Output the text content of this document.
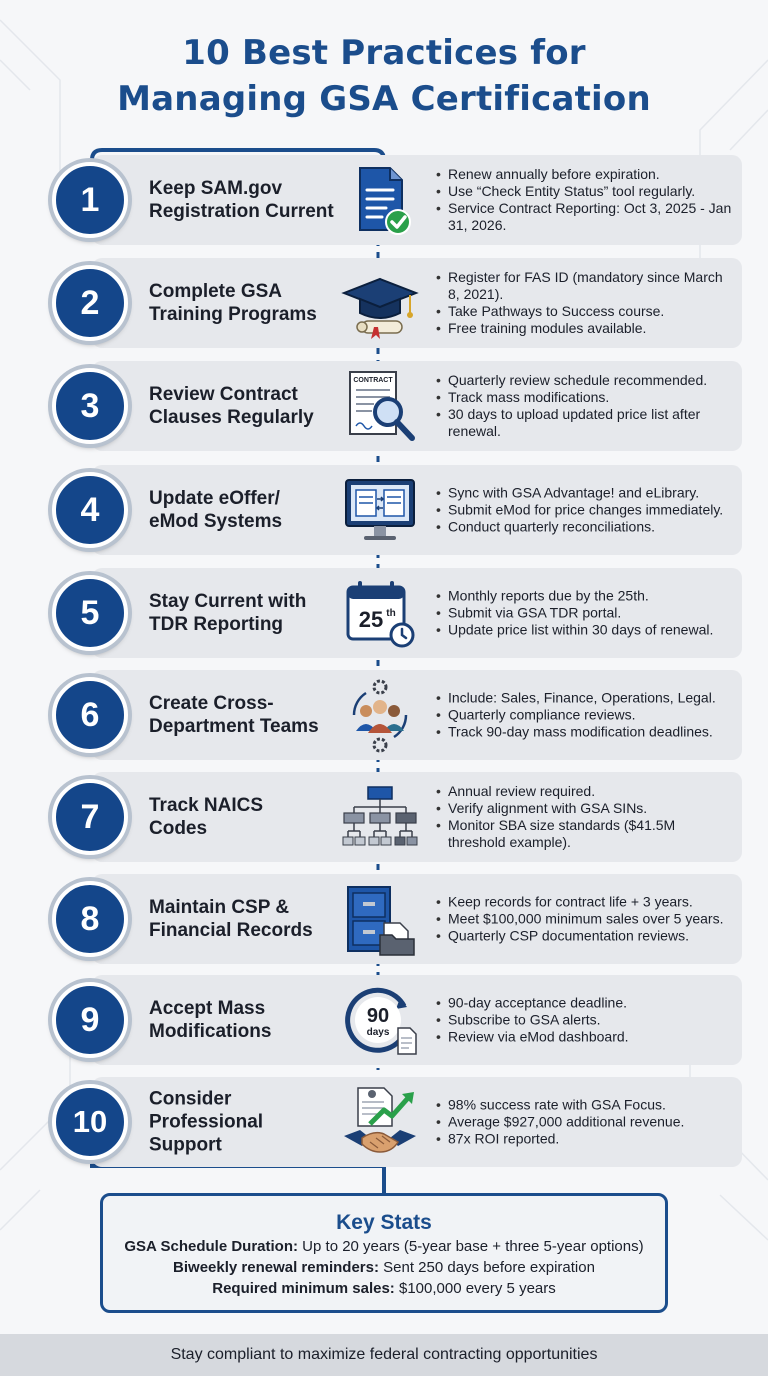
10 Best Practices for
Managing GSA Certification
Keep SAM.gov
Registration Current
• Renew annually before expiration.
• Use “Check Entity Status” tool regularly.
• Service Contract Reporting: Oct 3, 2025 - Jan 31, 2026.
1
Complete GSA
Training Programs
• Register for FAS ID (mandatory since March 8, 2021).
• Take Pathways to Success course.
• Free training modules available.
2
Review Contract
Clauses Regularly
CONTRACT
•	Quarterly review schedule recommended.
• Track mass modifications.
• 30 days to upload updated price list after renewal.
3
Update eOffer/
eMod Systems
• Sync with GSA Advantage! and eLibrary.
• Submit eMod for price changes immediately.
• Conduct quarterly reconciliations.
4
Stay Current with
TDR Reporting	25 th
• Monthly reports due by the 25th.
• Submit via GSA TDR portal.
• Update price list within 30 days of renewal.
5
Create Cross-
Department Teams
• Include: Sales, Finance, Operations, Legal.
• Quarterly compliance reviews.
• Track 90-day mass modification deadlines.
6
Track NAICS
Codes
• Annual review required.
• Verify alignment with GSA SINs.
• Monitor SBA size standards ($41.5M threshold example).
7
Maintain CSP &
Financial Records
• Keep records for contract life + 3 years.
• Meet $100,000 minimum sales over 5 years.
• Quarterly CSP documentation reviews.
8
Accept Mass
Modifications
90
days
• 90-day acceptance deadline.
• Subscribe to GSA alerts.
• Review via eMod dashboard.
9
Consider
Professional
Support
• 98% success rate with GSA Focus.
• Average $927,000 additional revenue.
• 87x ROI reported.
10
Key Stats

GSA Schedule Duration: Up to 20 years (5-year base + three 5-year options)

Biweekly renewal reminders: Sent 250 days before expiration

Required minimum sales: $100,000 every 5 years

Stay compliant to maximize federal contracting opportunities
